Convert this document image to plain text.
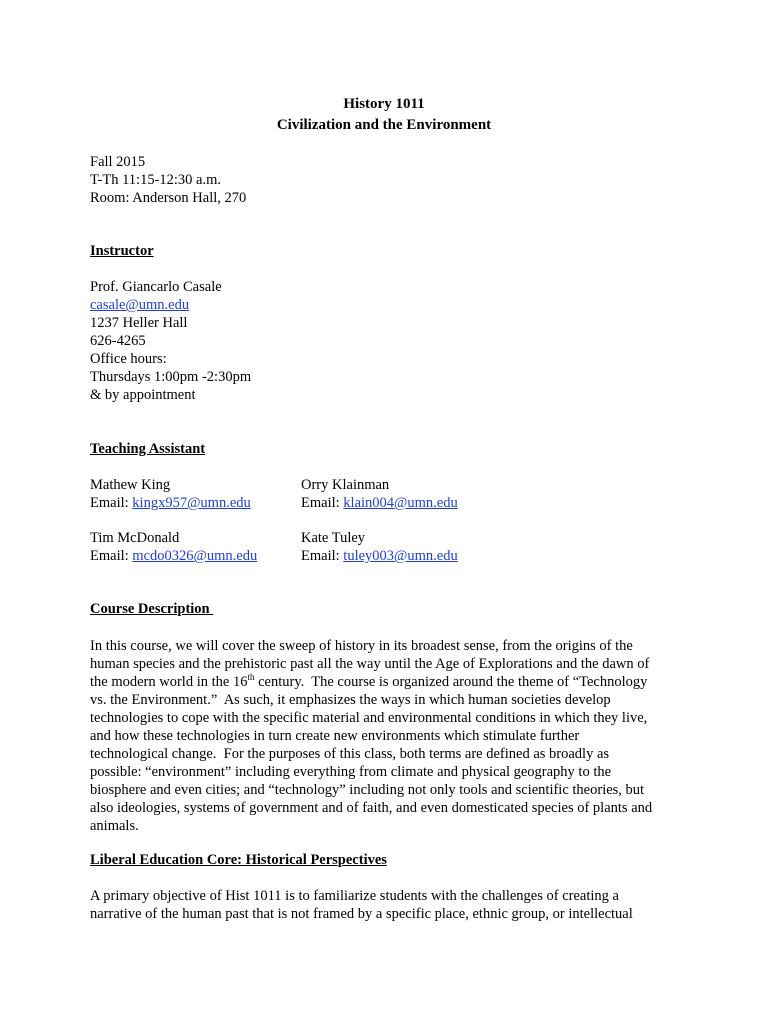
History 1011
Civilization and the Environment
Fall 2015
T-Th 11:15-12:30 a.m.
Room: Anderson Hall, 270
Instructor
Prof. Giancarlo Casale
casale@umn.edu
1237 Heller Hall
626-4265
Office hours:
Thursdays 1:00pm -2:30pm
& by appointment
Teaching Assistant
Mathew King
Email: kingx957@umn.edu
Orry Klainman
Email: klain004@umn.edu
Tim McDonald
Email: mcdo0326@umn.edu
Kate Tuley
Email: tuley003@umn.edu
Course Description
In this course, we will cover the sweep of history in its broadest sense, from the origins of the
human species and the prehistoric past all the way until the Age of Explorations and the dawn of
the modern world in the 16th century.  The course is organized around the theme of “Technology
vs. the Environment.”  As such, it emphasizes the ways in which human societies develop
technologies to cope with the specific material and environmental conditions in which they live,
and how these technologies in turn create new environments which stimulate further
technological change.  For the purposes of this class, both terms are defined as broadly as
possible: “environment” including everything from climate and physical geography to the
biosphere and even cities; and “technology” including not only tools and scientific theories, but
also ideologies, systems of government and of faith, and even domesticated species of plants and
animals.
Liberal Education Core: Historical Perspectives
A primary objective of Hist 1011 is to familiarize students with the challenges of creating a
narrative of the human past that is not framed by a specific place, ethnic group, or intellectual
